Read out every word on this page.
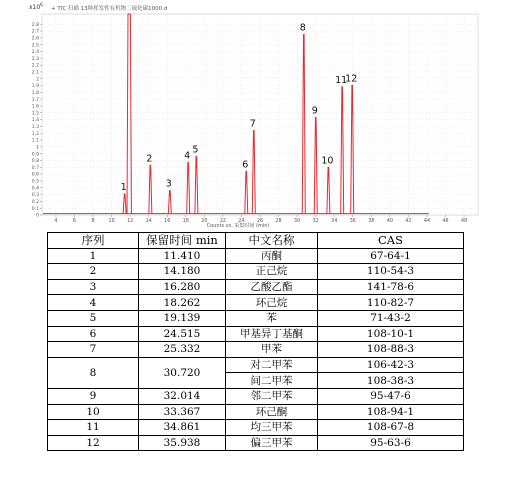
x10 6
+ TIC 扫描 13种挥发性有机物二硫化碳1000.d
Counts vs. 采集时间 (min)
0
0.1
0.2
0.3
0.4
0.5
0.6
0.7
0.8
0.9
1
1.1
1.2
1.3
1.4
1.5
1.6
1.7
1.8
1.9
2
2.1
2.2
2.3
2.4
2.5
2.6
2.7
2.8
4	6	8	10	12	14	16	18	20	22	24	26	28	30	32	34	36	38	40	42	44	46	48
1
2
3
4
5
6
7
8
9
10
11
12
序列	保留时间 min	中文名称	CAS
1	11.410	丙酮	67-64-1
2	14.180	正己烷	110-54-3
3	16.280	乙酸乙酯	141-78-6
4	18.262	环己烷	110-82-7
5	19.139	苯	71-43-2
6	24.515	甲基异丁基酮	108-10-1
7	25.332	甲苯	108-88-3
8	30.720	对二甲苯	106-42-3
		间二甲苯	108-38-3
9	32.014	邻二甲苯	95-47-6
10	33.367	环己酮	108-94-1
11	34.861	均三甲苯	108-67-8
12	35.938	偏三甲苯	95-63-6
